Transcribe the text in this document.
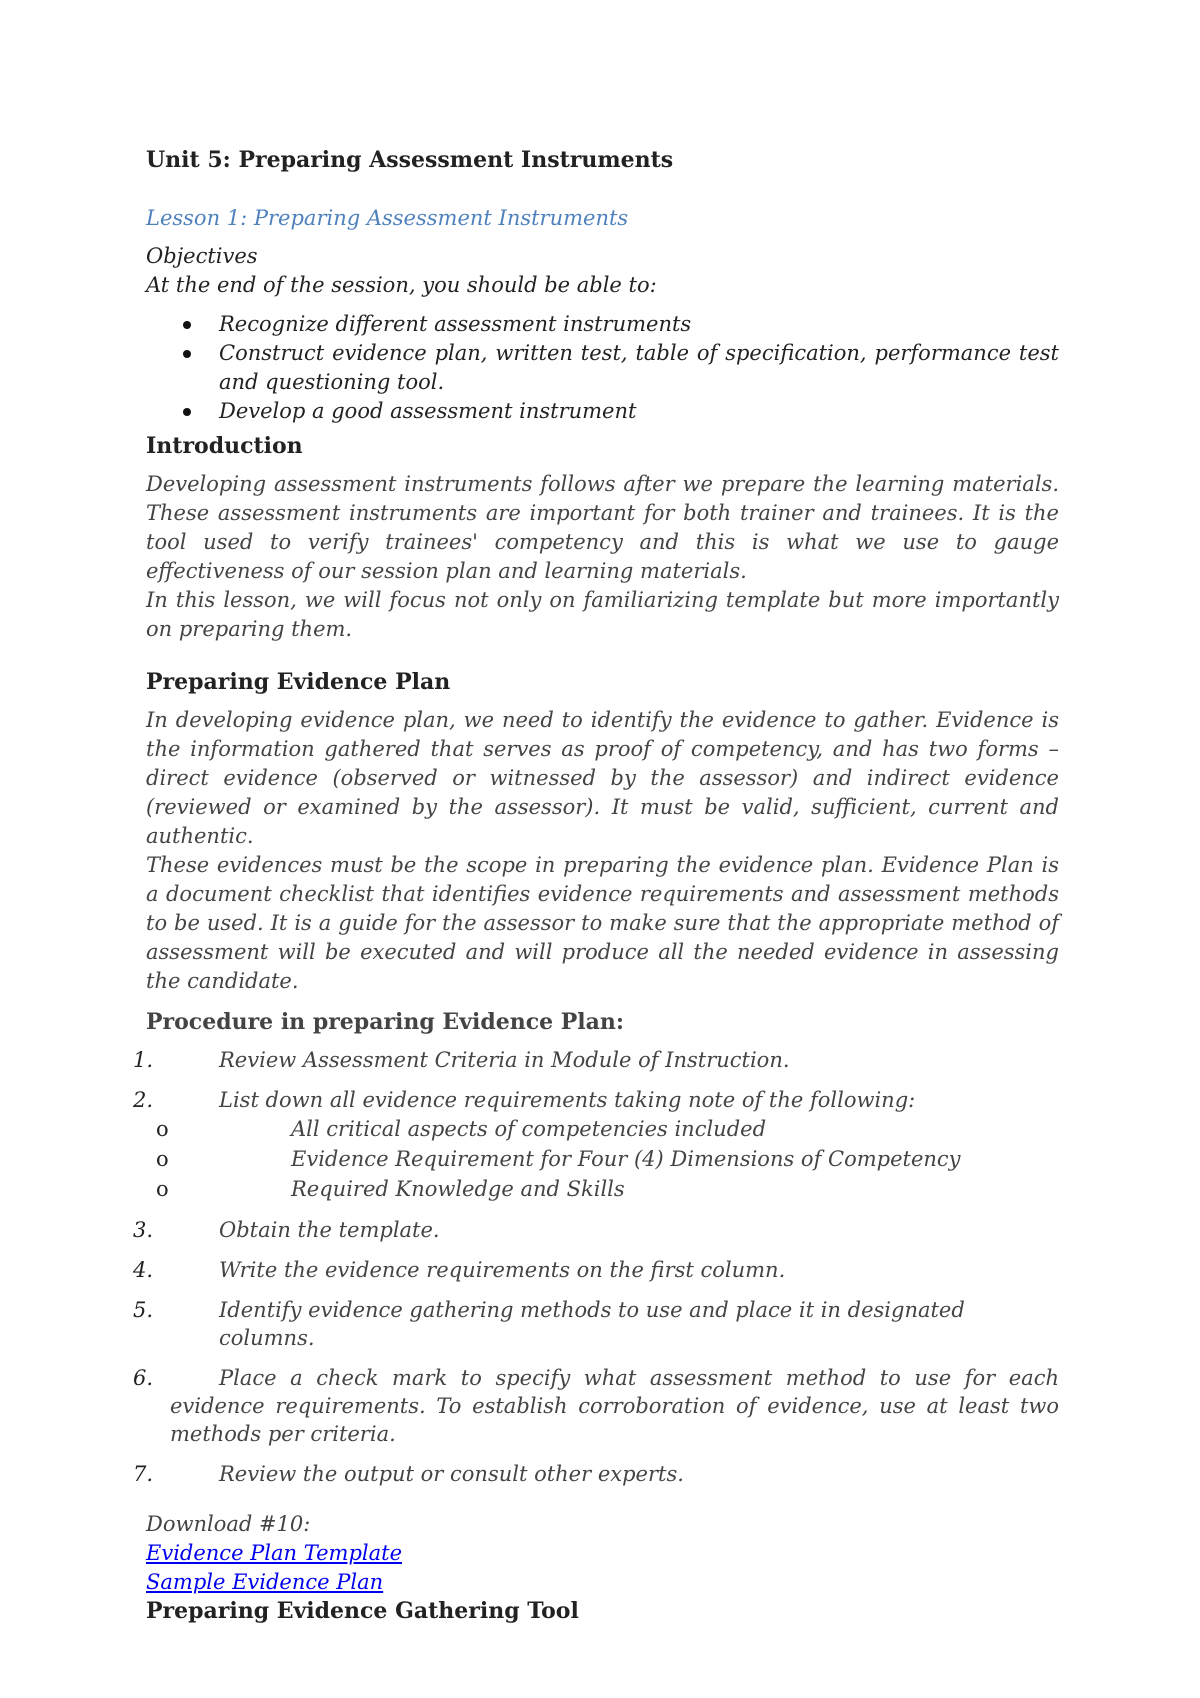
Unit 5: Preparing Assessment Instruments
Lesson 1: Preparing Assessment Instruments
Objectives
At the end of the session, you should be able to:
Recognize different assessment instruments
Construct evidence plan, written test, table of specification, performance test and questioning tool.
Develop a good assessment instrument
Introduction
Developing assessment instruments follows after we prepare the learning materials. These assessment instruments are important for both trainer and trainees. It is the tool used to verify trainees' competency and this is what we use to gauge effectiveness of our session plan and learning materials.
In this lesson, we will focus not only on familiarizing template but more importantly on preparing them.
Preparing Evidence Plan
In developing evidence plan, we need to identify the evidence to gather. Evidence is the information gathered that serves as proof of competency, and has two forms – direct evidence (observed or witnessed by the assessor) and indirect evidence (reviewed or examined by the assessor). It must be valid, sufficient, current and authentic.
These evidences must be the scope in preparing the evidence plan. Evidence Plan is a document checklist that identifies evidence requirements and assessment methods to be used. It is a guide for the assessor to make sure that the appropriate method of assessment will be executed and will produce all the needed evidence in assessing the candidate.
Procedure in preparing Evidence Plan:
1.	Review Assessment Criteria in Module of Instruction.
2.	List down all evidence requirements taking note of the following:
o	All critical aspects of competencies included
o	Evidence Requirement for Four (4) Dimensions of Competency
o	Required Knowledge and Skills
3.	Obtain the template.
4.	Write the evidence requirements on the first column.
5.	Identify evidence gathering methods to use and place it in designated columns.
6.	Place a check mark to specify what assessment method to use for each evidence requirements. To establish corroboration of evidence, use at least two methods per criteria.
7.	Review the output or consult other experts.
Download #10:
Evidence Plan Template
Sample Evidence Plan
Preparing Evidence Gathering Tool
